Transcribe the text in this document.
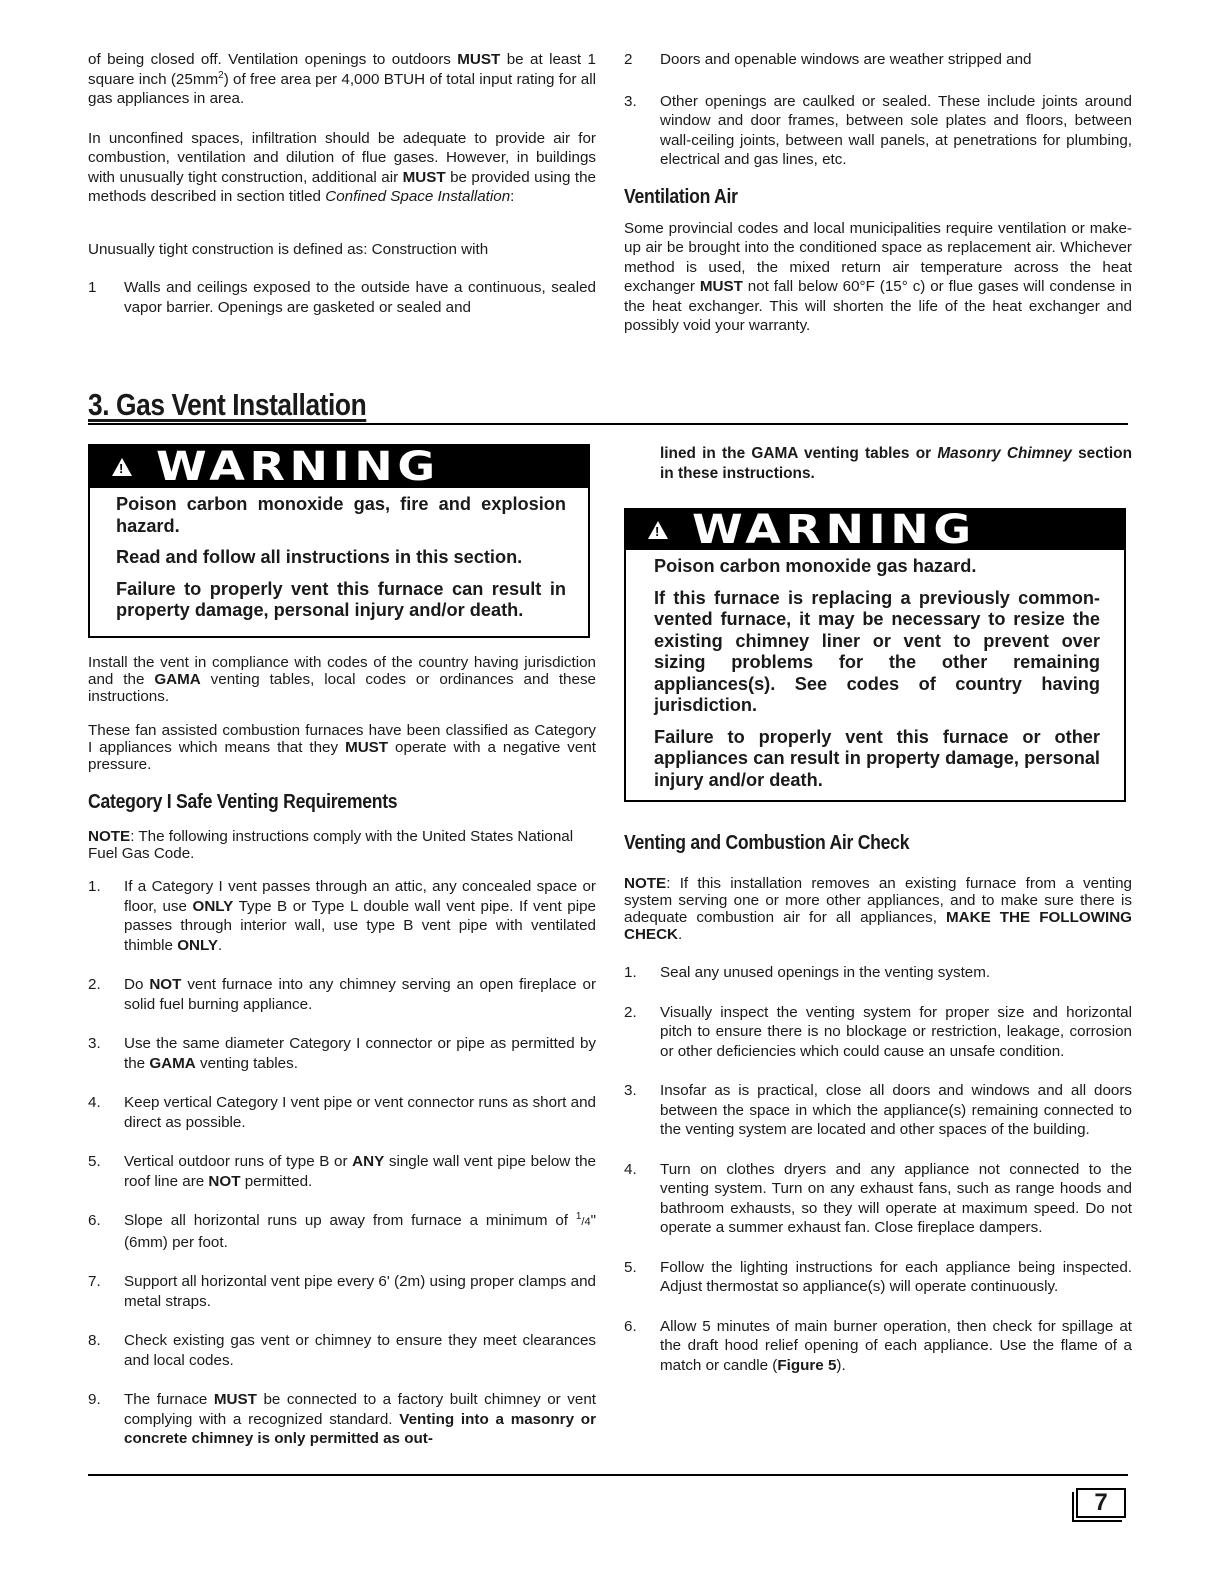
of being closed off. Ventilation openings to outdoors MUST be at least 1 square inch $(25mm^2)$ of free area per 4,000 BTUH of total input rating for all gas appliances in area.

In unconfined spaces, infiltration should be adequate to provide air for combustion, ventilation and dilution of flue gases. However, in buildings with unusually tight construction, additional air MUST be provided using the methods described in section titled Confined Space Installation:

Unusually tight construction is defined as: Construction with

1	Walls and ceilings exposed to the outside have a continuous, sealed vapor barrier. Openings are gasketed or sealed and
2	Doors and openable windows are weather stripped and
3.	Other openings are caulked or sealed. These include joints around window and door frames, between sole plates and floors, between wall-ceiling joints, between wall panels, at penetrations for plumbing, electrical and gas lines, etc.
Ventilation Air

Some provincial codes and local municipalities require ventilation or make-up air be brought into the conditioned space as replacement air. Whichever method is used, the mixed return air temperature across the heat exchanger MUST not fall below 60°F (15° c) or flue gases will condense in the heat exchanger. This will shorten the life of the heat exchanger and possibly void your warranty.

3. Gas Vent Installation
!
WARNING

Poison carbon monoxide gas, fire and explosion hazard.

Read and follow all instructions in this section.

Failure to properly vent this furnace can result in property damage, personal injury and/or death.

Install the vent in compliance with codes of the country having jurisdiction and the GAMA venting tables, local codes or ordinances and these instructions.

These fan assisted combustion furnaces have been classified as Category I appliances which means that they MUST operate with a negative vent pressure.

Category I Safe Venting Requirements

NOTE: The following instructions comply with the United States National Fuel Gas Code.

1.	If a Category I vent passes through an attic, any concealed space or floor, use ONLY Type B or Type L double wall vent pipe. If vent pipe passes through interior wall, use type B vent pipe with ventilated thimble ONLY.
2.	Do NOT vent furnace into any chimney serving an open fireplace or solid fuel burning appliance.
3.	Use the same diameter Category I connector or pipe as permitted by the GAMA venting tables.
4.	Keep vertical Category I vent pipe or vent connector runs as short and direct as possible.
5.	Vertical outdoor runs of type B or ANY single wall vent pipe below the roof line are NOT permitted.
6.	Slope all horizontal runs up away from furnace a minimum of $^1$/4" (6mm) per foot.
7.	Support all horizontal vent pipe every 6' (2m) using proper clamps and metal straps.
8.	Check existing gas vent or chimney to ensure they meet clearances and local codes.
9.	The furnace MUST be connected to a factory built chimney or vent complying with a recognized standard. Venting into a masonry or concrete chimney is only permitted as out-
lined in the GAMA venting tables or Masonry Chimney section in these instructions.
!
WARNING

Poison carbon monoxide gas hazard.

If this furnace is replacing a previously common-vented furnace, it may be necessary to resize the existing chimney liner or vent to prevent over sizing problems for the other remaining appliances(s). See codes of country having jurisdiction.

Failure to properly vent this furnace or other appliances can result in property damage, personal injury and/or death.

Venting and Combustion Air Check

NOTE: If this installation removes an existing furnace from a venting system serving one or more other appliances, and to make sure there is adequate combustion air for all appliances, MAKE THE FOLLOWING CHECK.

1.	Seal any unused openings in the venting system.
2.	Visually inspect the venting system for proper size and horizontal pitch to ensure there is no blockage or restriction, leakage, corrosion or other deficiencies which could cause an unsafe condition.
3.	Insofar as is practical, close all doors and windows and all doors between the space in which the appliance(s) remaining connected to the venting system are located and other spaces of the building.
4.	Turn on clothes dryers and any appliance not connected to the venting system. Turn on any exhaust fans, such as range hoods and bathroom exhausts, so they will operate at maximum speed. Do not operate a summer exhaust fan. Close fireplace dampers.
5.	Follow the lighting instructions for each appliance being inspected. Adjust thermostat so appliance(s) will operate continuously.
6.	Allow 5 minutes of main burner operation, then check for spillage at the draft hood relief opening of each appliance. Use the flame of a match or candle (Figure 5).
7
